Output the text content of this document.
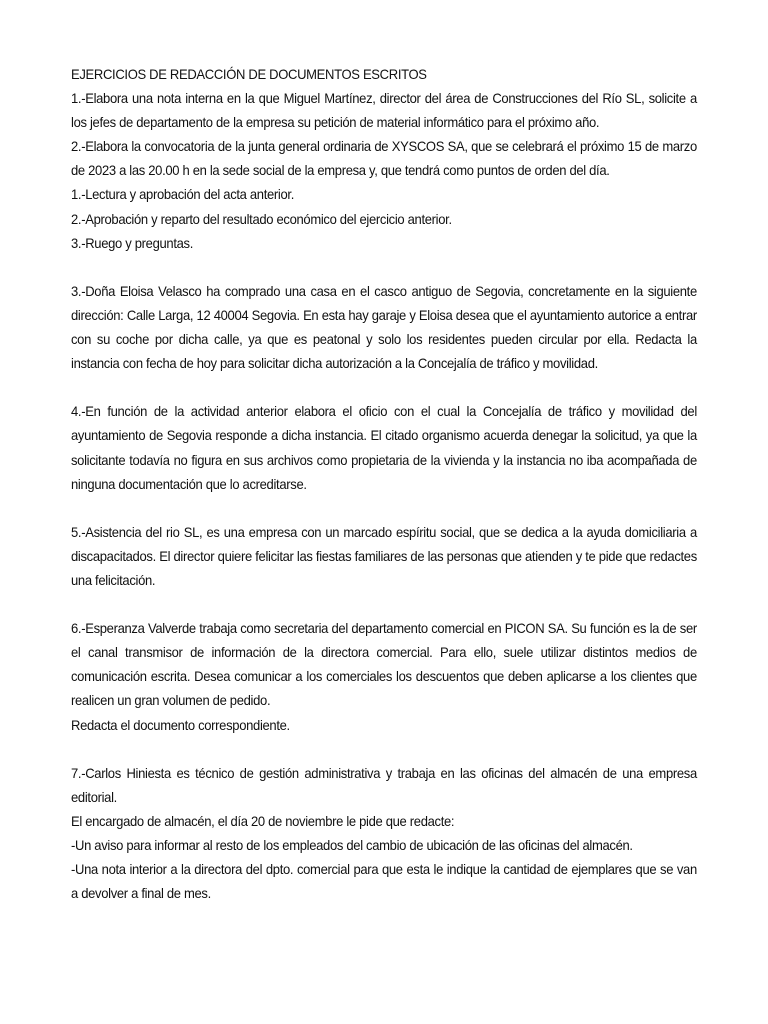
EJERCICIOS DE REDACCIÓN DE DOCUMENTOS ESCRITOS

1.-Elabora una nota interna en la que Miguel Martínez, director del área de Construcciones del Río SL, solicite a los jefes de departamento de la empresa su petición de material informático para el próximo año.

2.-Elabora la convocatoria de la junta general ordinaria de XYSCOS SA, que se celebrará el próximo 15 de marzo de 2023 a las 20.00 h en la sede social de la empresa y, que tendrá como puntos de orden del día.

1.-Lectura y aprobación del acta anterior.

2.-Aprobación y reparto del resultado económico del ejercicio anterior.

3.-Ruego y preguntas.

3.-Doña Eloisa Velasco ha comprado una casa en el casco antiguo de Segovia, concretamente en la siguiente dirección: Calle Larga, 12 40004 Segovia. En esta hay garaje y Eloisa desea que el ayuntamiento autorice a entrar con su coche por dicha calle, ya que es peatonal y solo los residentes pueden circular por ella. Redacta la instancia con fecha de hoy para solicitar dicha autorización a la Concejalía de tráfico y movilidad.

4.-En función de la actividad anterior elabora el oficio con el cual la Concejalía de tráfico y movilidad del ayuntamiento de Segovia responde a dicha instancia. El citado organismo acuerda denegar la solicitud, ya que la solicitante todavía no figura en sus archivos como propietaria de la vivienda y la instancia no iba acompañada de ninguna documentación que lo acreditarse.

5.-Asistencia del rio SL, es una empresa con un marcado espíritu social, que se dedica a la ayuda domiciliaria a discapacitados. El director quiere felicitar las fiestas familiares de las personas que atienden y te pide que redactes una felicitación.

6.-Esperanza Valverde trabaja como secretaria del departamento comercial en PICON SA. Su función es la de ser el canal transmisor de información de la directora comercial. Para ello, suele utilizar distintos medios de comunicación escrita. Desea comunicar a los comerciales los descuentos que deben aplicarse a los clientes que realicen un gran volumen de pedido.

Redacta el documento correspondiente.

7.-Carlos Hiniesta es técnico de gestión administrativa y trabaja en las oficinas del almacén de una empresa editorial.

El encargado de almacén, el día 20 de noviembre le pide que redacte:

-Un aviso para informar al resto de los empleados del cambio de ubicación de las oficinas del almacén.

-Una nota interior a la directora del dpto. comercial para que esta le indique la cantidad de ejemplares que se van a devolver a final de mes.
